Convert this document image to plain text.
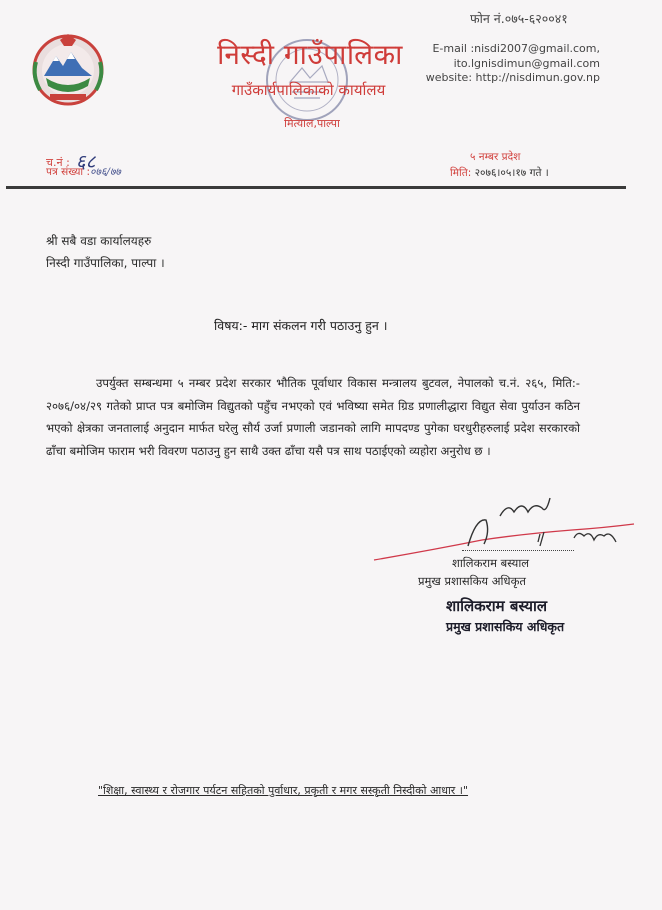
निस्दी गाउँपालिका
गाउँकार्यपालिकाको कार्यालय
मित्याल,पाल्पा
फोन नं.०७५-६२००४१
E-mail :nisdi2007@gmail.com,
ito.lgnisdimun@gmail.com
website: http://nisdimun.gov.np
च.नं : ६८
पत्र संख्या :०७६/७७
५ नम्बर प्रदेश
मिति: २०७६।०५।१७ गते ।
श्री सबै वडा कार्यालयहरु
निस्दी गाउँपालिका, पाल्पा ।
विषय:- माग संकलन गरी पठाउनु हुन ।

उपर्युक्त सम्बन्धमा ५ नम्बर प्रदेश सरकार भौतिक पूर्वाधार विकास मन्त्रालय बुटवल, नेपालको च.नं. २६५, मिति:- २०७६/०४/२९ गतेको प्राप्त पत्र बमोजिम विद्युतको पहुँच नभएको एवं भविष्या समेत ग्रिड प्रणालीद्धारा विद्युत सेवा पुर्याउन कठिन भएको क्षेत्रका जनतालाई अनुदान मार्फत घरेलु सौर्य उर्जा प्रणाली जडानको लागि मापदण्ड पुगेका घरधुरीहरुलाई प्रदेश सरकारको ढाँचा बमोजिम फाराम भरी विवरण पठाउनु हुन साथै उक्त ढाँचा यसै पत्र साथ पठाईएको व्यहोरा अनुरोध छ ।

शालिकराम बस्याल
प्रमुख प्रशासकिय अधिकृत
शालिकराम बस्याल
प्रमुख प्रशासकिय अधिकृत
"शिक्षा, स्वास्थ्य र रोजगार पर्यटन सहितको पुर्वाधार, प्रकृती र मगर सस्कृती निस्दीको आधार ।"
